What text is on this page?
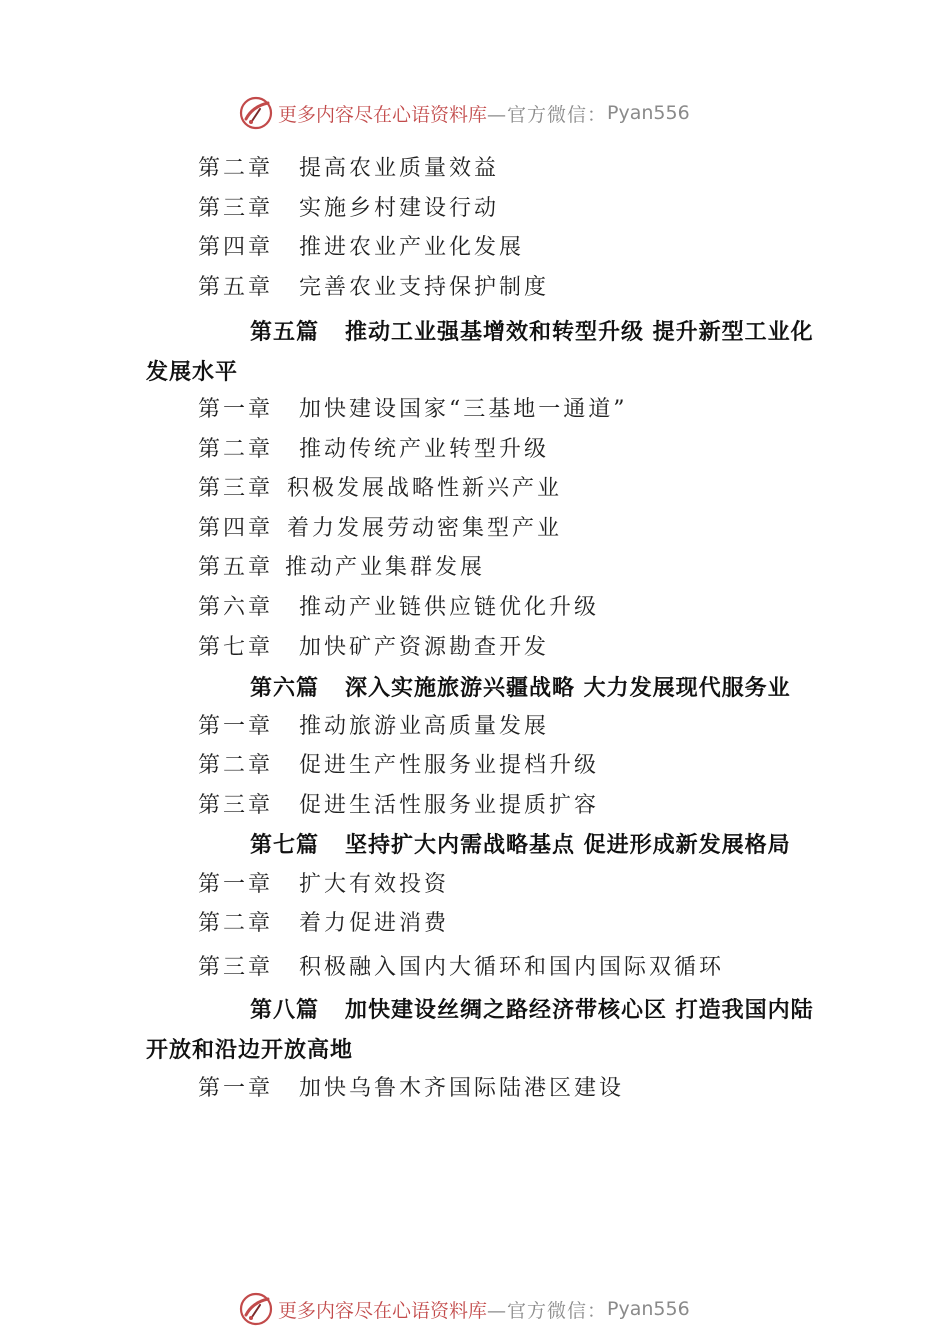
更多内容尽在心语资料库 —官方微信： Pyan556
第二章 提高农业质量效益
第三章 实施乡村建设行动
第四章 推进农业产业化发展
第五章 完善农业支持保护制度
第五篇 推动工业强基增效和转型升级 提升新型工业化发展水平
第一章 加快建设国家“三基地一通道”
第二章 推动传统产业转型升级
第三章 积极发展战略性新兴产业
第四章 着力发展劳动密集型产业
第五章 推动产业集群发展
第六章 推动产业链供应链优化升级
第七章 加快矿产资源勘查开发
第六篇 深入实施旅游兴疆战略 大力发展现代服务业
第一章 推动旅游业高质量发展
第二章 促进生产性服务业提档升级
第三章 促进生活性服务业提质扩容
第七篇 坚持扩大内需战略基点 促进形成新发展格局
第一章 扩大有效投资
第二章 着力促进消费
第三章 积极融入国内大循环和国内国际双循环
第八篇 加快建设丝绸之路经济带核心区 打造我国内陆开放和沿边开放高地
第一章 加快乌鲁木齐国际陆港区建设
更多内容尽在心语资料库 —官方微信： Pyan556
